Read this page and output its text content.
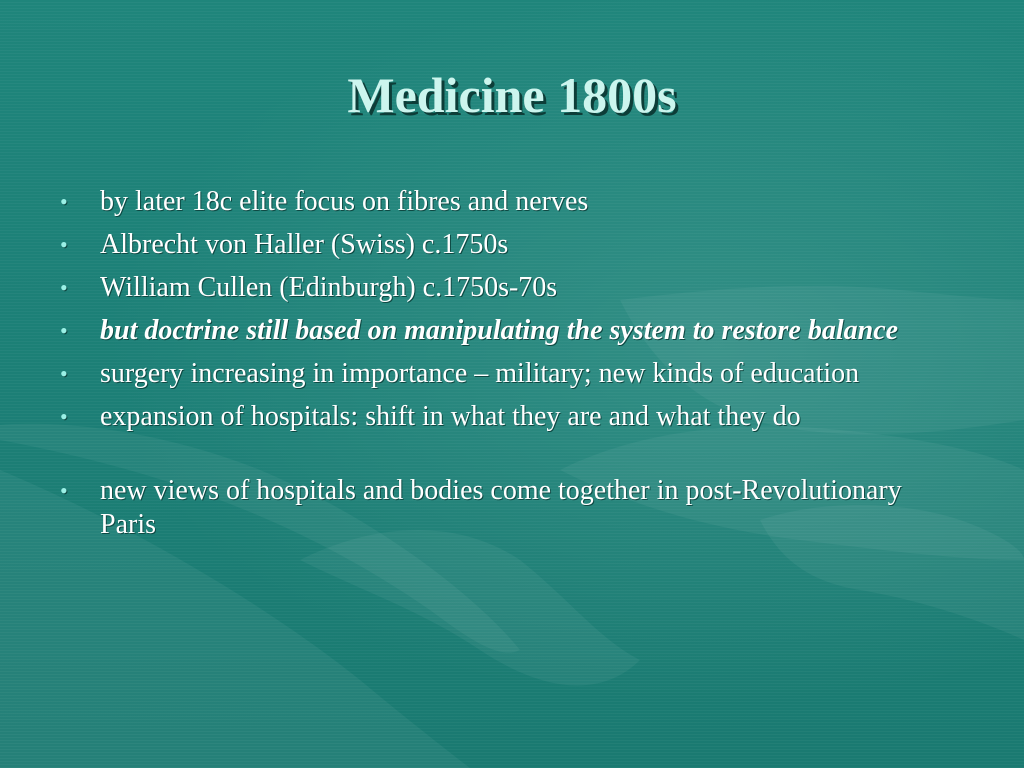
Medicine 1800s
• by later 18c elite focus on fibres and nerves
• Albrecht von Haller (Swiss) c.1750s
• William Cullen (Edinburgh) c.1750s-70s
• but doctrine still based on manipulating the system to restore balance
• surgery increasing in importance – military; new kinds of education
• expansion of hospitals: shift in what they are and what they do
• new views of hospitals and bodies come together in post-Revolutionary Paris
